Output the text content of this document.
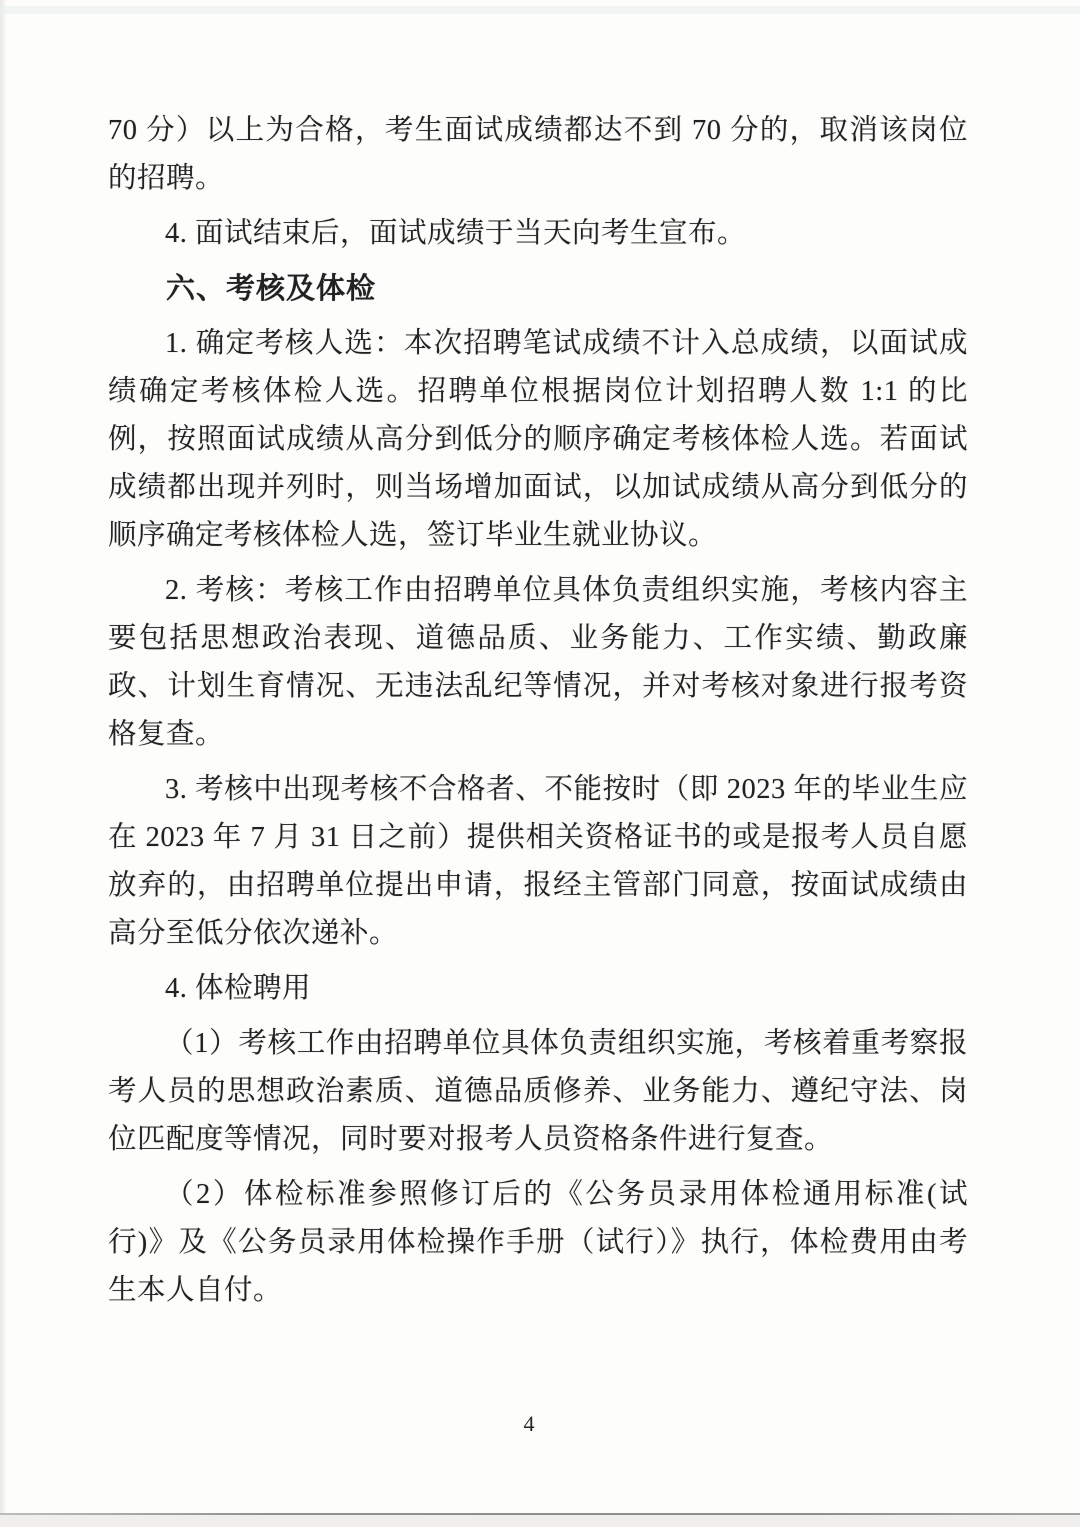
70 分）以上为合格，考生面试成绩都达不到 70 分的，取消该岗位的招聘。

4. 面试结束后，面试成绩于当天向考生宣布。

六、考核及体检

1. 确定考核人选：本次招聘笔试成绩不计入总成绩，以面试成绩确定考核体检人选。招聘单位根据岗位计划招聘人数 1:1 的比例，按照面试成绩从高分到低分的顺序确定考核体检人选。若面试成绩都出现并列时，则当场增加面试，以加试成绩从高分到低分的顺序确定考核体检人选，签订毕业生就业协议。

2. 考核：考核工作由招聘单位具体负责组织实施，考核内容主要包括思想政治表现、道德品质、业务能力、工作实绩、勤政廉政、计划生育情况、无违法乱纪等情况，并对考核对象进行报考资格复查。

3. 考核中出现考核不合格者、不能按时（即 2023 年的毕业生应在 2023 年 7 月 31 日之前）提供相关资格证书的或是报考人员自愿放弃的，由招聘单位提出申请，报经主管部门同意，按面试成绩由高分至低分依次递补。

4. 体检聘用

（1）考核工作由招聘单位具体负责组织实施，考核着重考察报考人员的思想政治素质、道德品质修养、业务能力、遵纪守法、岗位匹配度等情况，同时要对报考人员资格条件进行复查。

（2）体检标准参照修订后的《公务员录用体检通用标准(试行)》及《公务员录用体检操作手册（试行）》执行，体检费用由考生本人自付。

4
